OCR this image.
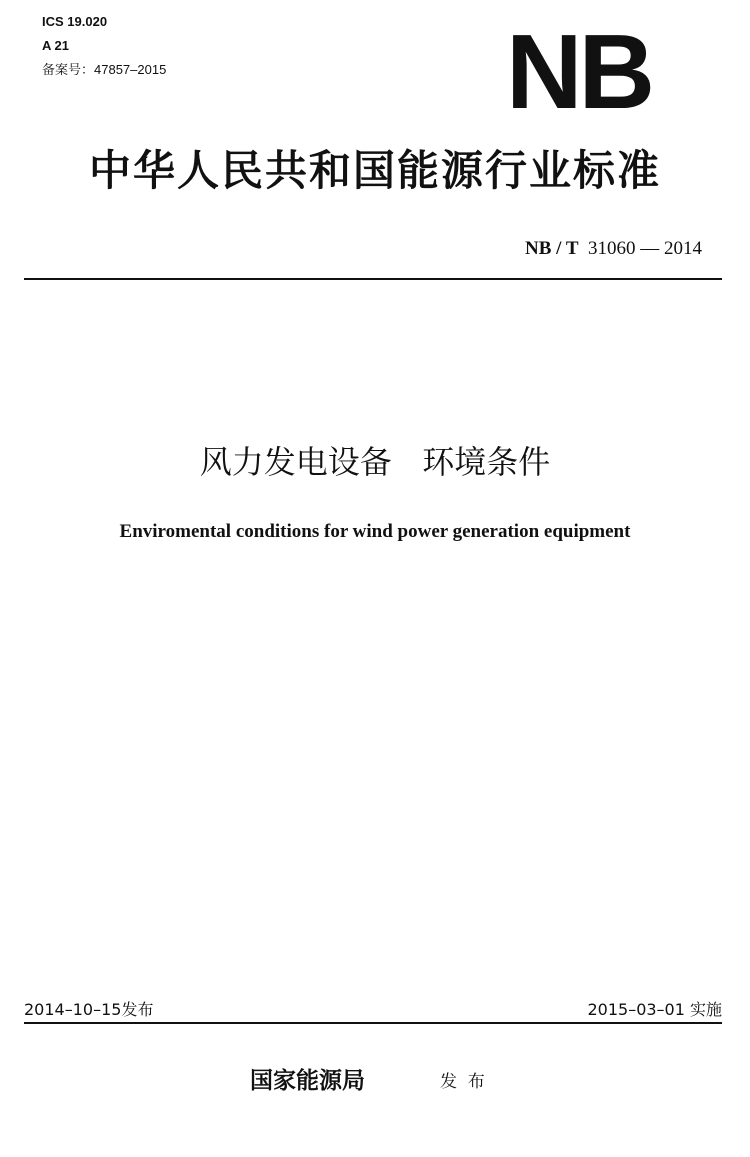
ICS 19.020
A 21
备案号：47857–2015	NB
中华人民共和国能源行业标准
NB / T 31060 — 2014
风力发电设备   环境条件
Enviromental conditions for wind power generation equipment
2014–10–15发布	2015–03–01 实施
国家能源局	发  布
